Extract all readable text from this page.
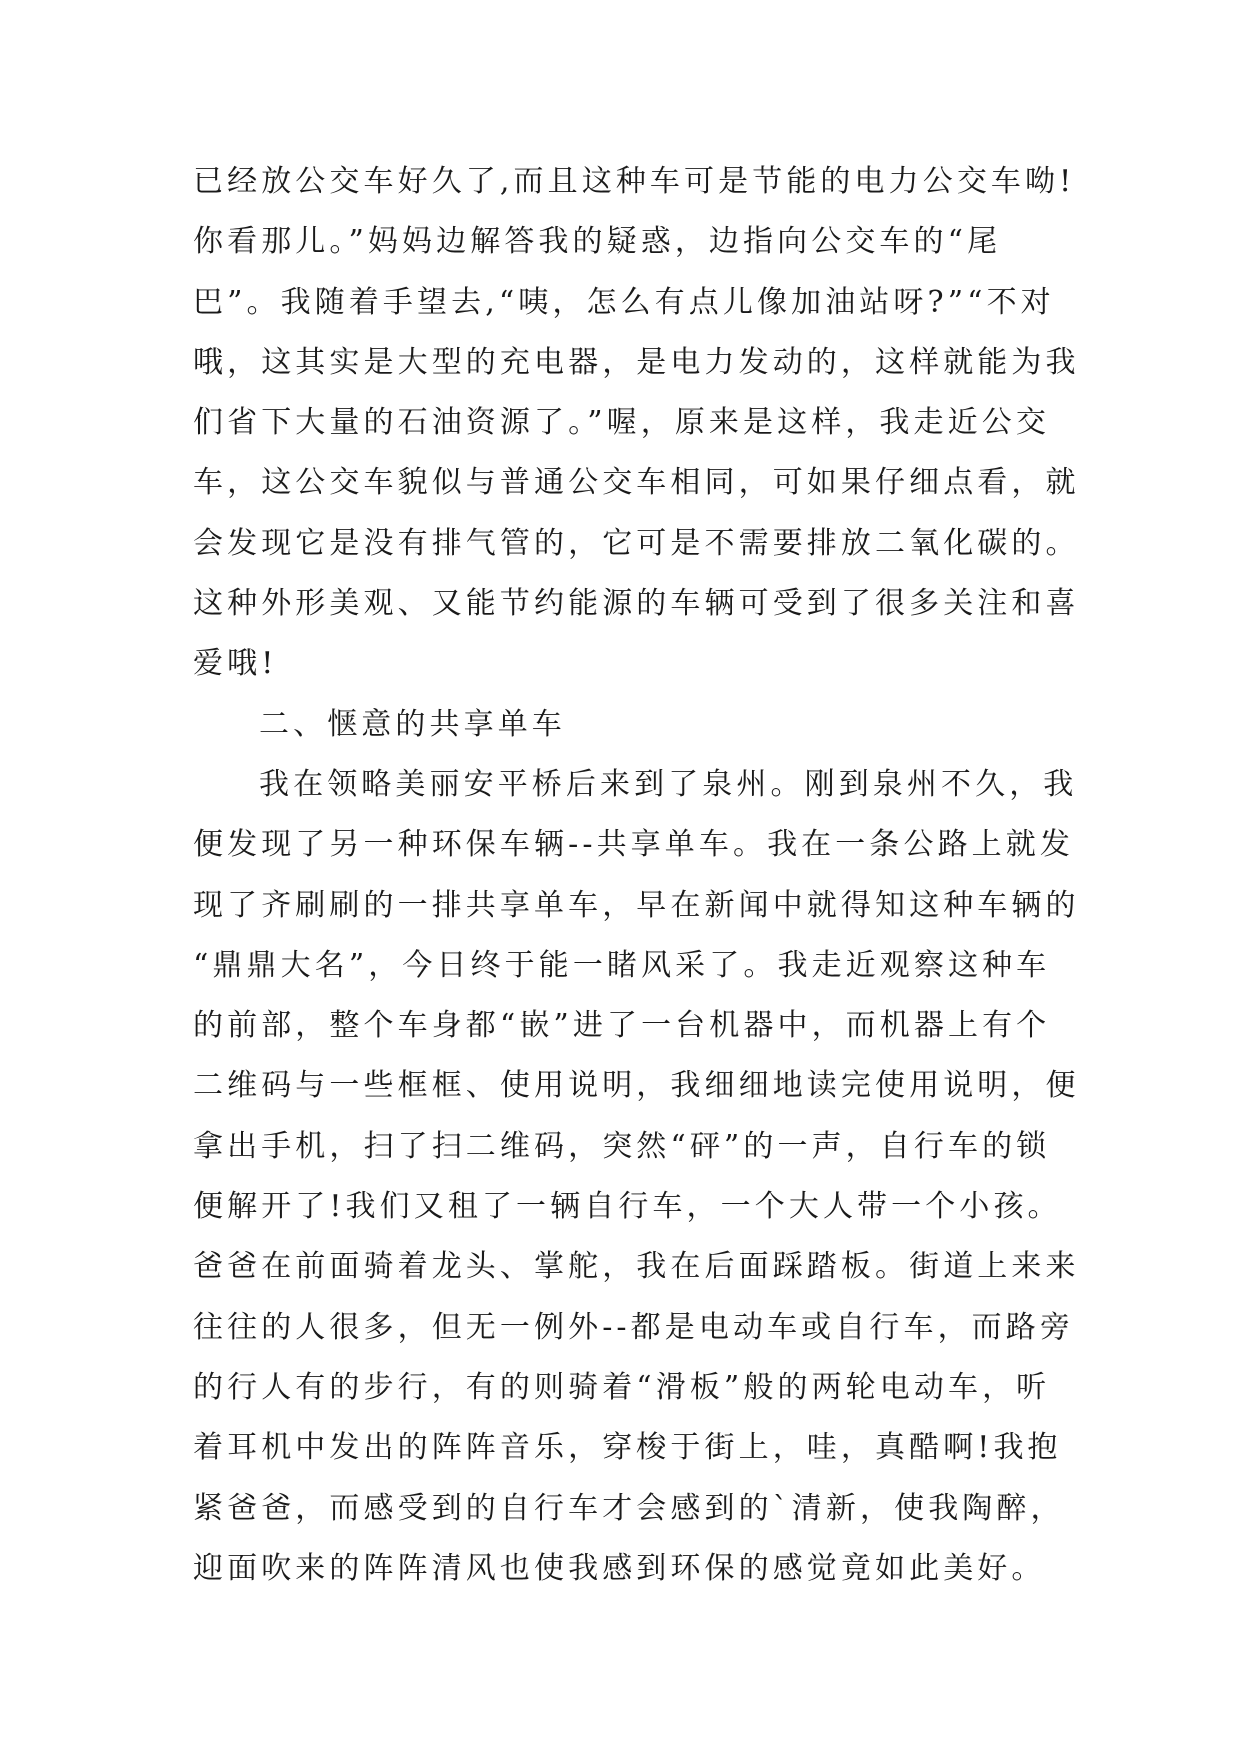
已经放公交车好久了,而且这种车可是节能的电力公交车呦!
你看那儿。”妈妈边解答我的疑惑，边指向公交车的“尾
巴”。我随着手望去,“咦，怎么有点儿像加油站呀?”“不对
哦，这其实是大型的充电器，是电力发动的，这样就能为我
们省下大量的石油资源了。”喔，原来是这样，我走近公交
车，这公交车貌似与普通公交车相同，可如果仔细点看，就
会发现它是没有排气管的，它可是不需要排放二氧化碳的。
这种外形美观、又能节约能源的车辆可受到了很多关注和喜
爱哦!
二、惬意的共享单车
我在领略美丽安平桥后来到了泉州。刚到泉州不久，我
便发现了另一种环保车辆--共享单车。我在一条公路上就发
现了齐刷刷的一排共享单车，早在新闻中就得知这种车辆的
“鼎鼎大名”，今日终于能一睹风采了。我走近观察这种车
的前部，整个车身都“嵌”进了一台机器中，而机器上有个
二维码与一些框框、使用说明，我细细地读完使用说明，便
拿出手机，扫了扫二维码，突然“砰”的一声，自行车的锁
便解开了!我们又租了一辆自行车，一个大人带一个小孩。
爸爸在前面骑着龙头、掌舵，我在后面踩踏板。街道上来来
往往的人很多，但无一例外--都是电动车或自行车，而路旁
的行人有的步行，有的则骑着“滑板”般的两轮电动车，听
着耳机中发出的阵阵音乐，穿梭于街上，哇，真酷啊!我抱
紧爸爸，而感受到的自行车才会感到的`清新，使我陶醉，
迎面吹来的阵阵清风也使我感到环保的感觉竟如此美好。
